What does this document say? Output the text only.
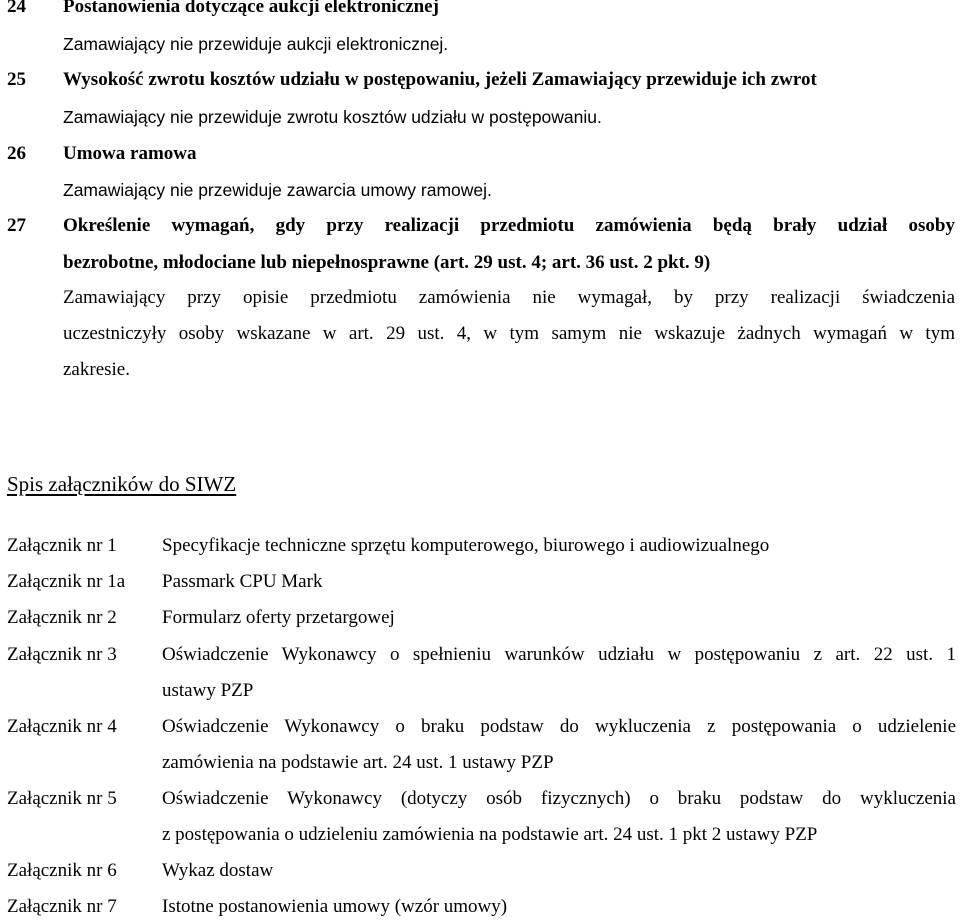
24 Postanowienia dotyczące aukcji elektronicznej
Zamawiający nie przewiduje aukcji elektronicznej.
25 Wysokość zwrotu kosztów udziału w postępowaniu, jeżeli Zamawiający przewiduje ich zwrot
Zamawiający nie przewiduje zwrotu kosztów udziału w postępowaniu.
26 Umowa ramowa
Zamawiający nie przewiduje zawarcia umowy ramowej.
27 Określenie wymagań, gdy przy realizacji przedmiotu zamówienia będą brały udział osoby
bezrobotne, młodociane lub niepełnosprawne (art. 29 ust. 4; art. 36 ust. 2 pkt. 9)
Zamawiający przy opisie przedmiotu zamówienia nie wymagał, by przy realizacji świadczenia
uczestniczyły osoby wskazane w art. 29 ust. 4, w tym samym nie wskazuje żadnych wymagań w tym
zakresie.
Spis załączników do SIWZ
Załącznik nr 1 Specyfikacje techniczne sprzętu komputerowego, biurowego i audiowizualnego
Załącznik nr 1a Passmark CPU Mark
Załącznik nr 2 Formularz oferty przetargowej
Załącznik nr 3 Oświadczenie Wykonawcy o spełnieniu warunków udziału w postępowaniu z art. 22 ust. 1
ustawy PZP
Załącznik nr 4 Oświadczenie Wykonawcy o braku podstaw do wykluczenia z postępowania o udzielenie
zamówienia na podstawie art. 24 ust. 1 ustawy PZP
Załącznik nr 5 Oświadczenie Wykonawcy (dotyczy osób fizycznych) o braku podstaw do wykluczenia
z postępowania o udzieleniu zamówienia na podstawie art. 24 ust. 1 pkt 2 ustawy PZP
Załącznik nr 6 Wykaz dostaw
Załącznik nr 7 Istotne postanowienia umowy (wzór umowy)
